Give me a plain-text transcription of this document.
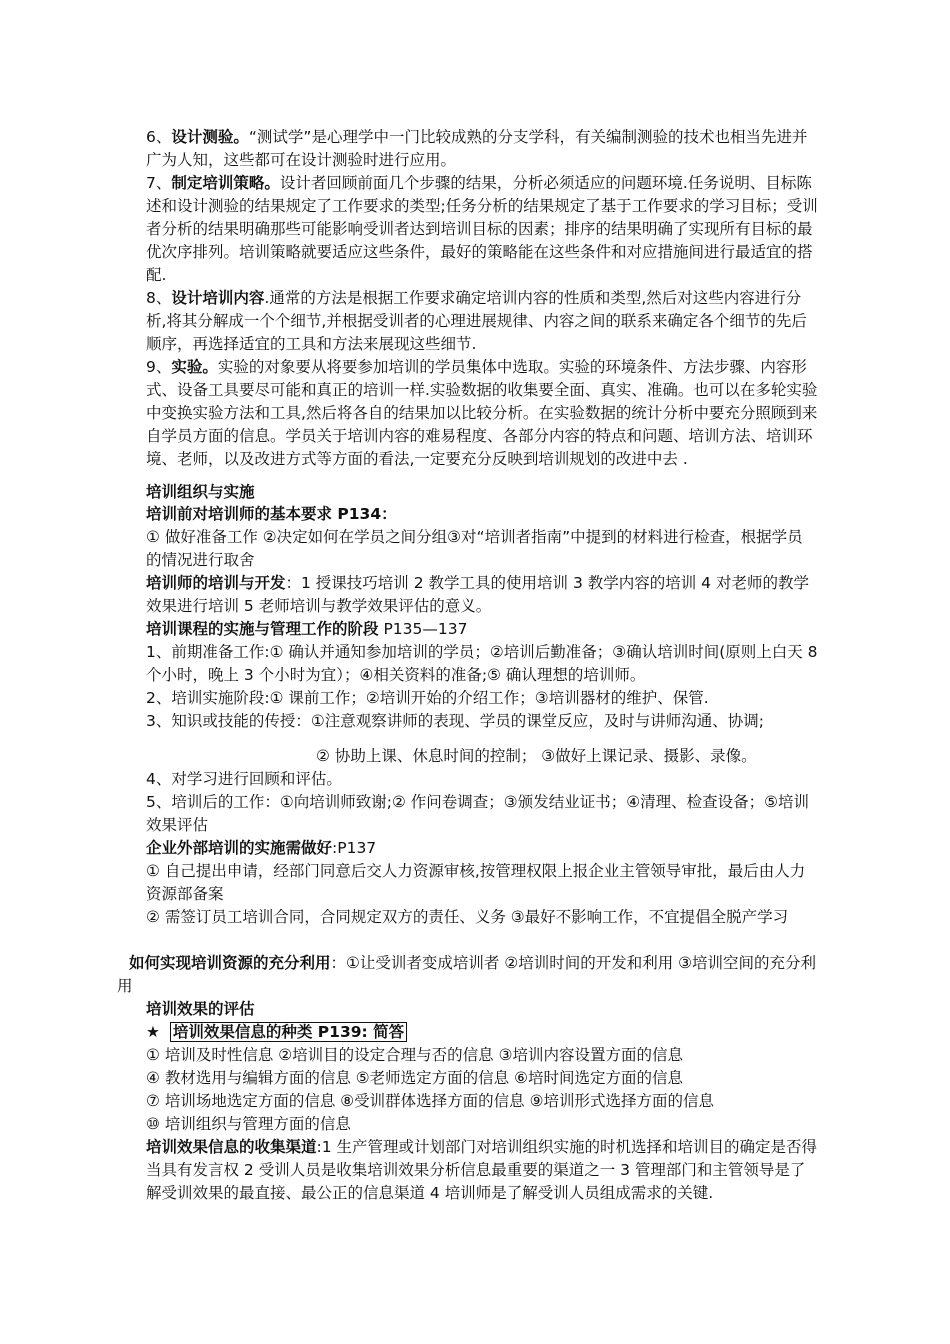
6、设计测验。“测试学”是心理学中一门比较成熟的分支学科，有关编制测验的技术也相当先进并广为人知，这些都可在设计测验时进行应用。

7、制定培训策略。设计者回顾前面几个步骤的结果，分析必须适应的问题环境.任务说明、目标陈述和设计测验的结果规定了工作要求的类型;任务分析的结果规定了基于工作要求的学习目标；受训者分析的结果明确那些可能影响受训者达到培训目标的因素；排序的结果明确了实现所有目标的最优次序排列。培训策略就要适应这些条件，最好的策略能在这些条件和对应措施间进行最适宜的搭配.

8、设计培训内容.通常的方法是根据工作要求确定培训内容的性质和类型,然后对这些内容进行分析,将其分解成一个个细节,并根据受训者的心理进展规律、内容之间的联系来确定各个细节的先后顺序，再选择适宜的工具和方法来展现这些细节.

9、实验。实验的对象要从将要参加培训的学员集体中选取。实验的环境条件、方法步骤、内容形式、设备工具要尽可能和真正的培训一样.实验数据的收集要全面、真实、准确。也可以在多轮实验中变换实验方法和工具,然后将各自的结果加以比较分析。在实验数据的统计分析中要充分照顾到来自学员方面的信息。学员关于培训内容的难易程度、各部分内容的特点和问题、培训方法、培训环境、老师，以及改进方式等方面的看法,一定要充分反映到培训规划的改进中去 .

培训组织与实施

培训前对培训师的基本要求 P134：
① 做好准备工作 ②决定如何在学员之间分组③对“培训者指南”中提到的材料进行检查，根据学员的情况进行取舍

培训师的培训与开发：1 授课技巧培训 2 教学工具的使用培训 3 教学内容的培训 4 对老师的教学效果进行培训 5 老师培训与教学效果评估的意义。

培训课程的实施与管理工作的阶段 P135—137

1、前期准备工作:① 确认并通知参加培训的学员；②培训后勤准备；③确认培训时间(原则上白天 8 个小时，晚上 3 个小时为宜）；④相关资料的准备;⑤ 确认理想的培训师。

2、培训实施阶段:① 课前工作；②培训开始的介绍工作；③培训器材的维护、保管.

3、知识或技能的传授：①注意观察讲师的表现、学员的课堂反应，及时与讲师沟通、协调;

② 协助上课、休息时间的控制； ③做好上课记录、摄影、录像。

4、对学习进行回顾和评估。

5、培训后的工作：①向培训师致谢;② 作问卷调查；③颁发结业证书；④清理、检查设备；⑤培训效果评估

企业外部培训的实施需做好:P137

① 自己提出申请，经部门同意后交人力资源审核,按管理权限上报企业主管领导审批，最后由人力资源部备案

② 需签订员工培训合同，合同规定双方的责任、义务 ③最好不影响工作，不宜提倡全脱产学习

如何实现培训资源的充分利用：①让受训者变成培训者 ②培训时间的开发和利用 ③培训空间的充分利用

培训效果的评估

★ 培训效果信息的种类 P139: 简答

① 培训及时性信息 ②培训目的设定合理与否的信息 ③培训内容设置方面的信息

④ 教材选用与编辑方面的信息 ⑤老师选定方面的信息 ⑥培时间选定方面的信息

⑦ 培训场地选定方面的信息 ⑧受训群体选择方面的信息 ⑨培训形式选择方面的信息

⑩ 培训组织与管理方面的信息

培训效果信息的收集渠道:1 生产管理或计划部门对培训组织实施的时机选择和培训目的确定是否得当具有发言权 2 受训人员是收集培训效果分析信息最重要的渠道之一 3 管理部门和主管领导是了解受训效果的最直接、最公正的信息渠道 4 培训师是了解受训人员组成需求的关键.
